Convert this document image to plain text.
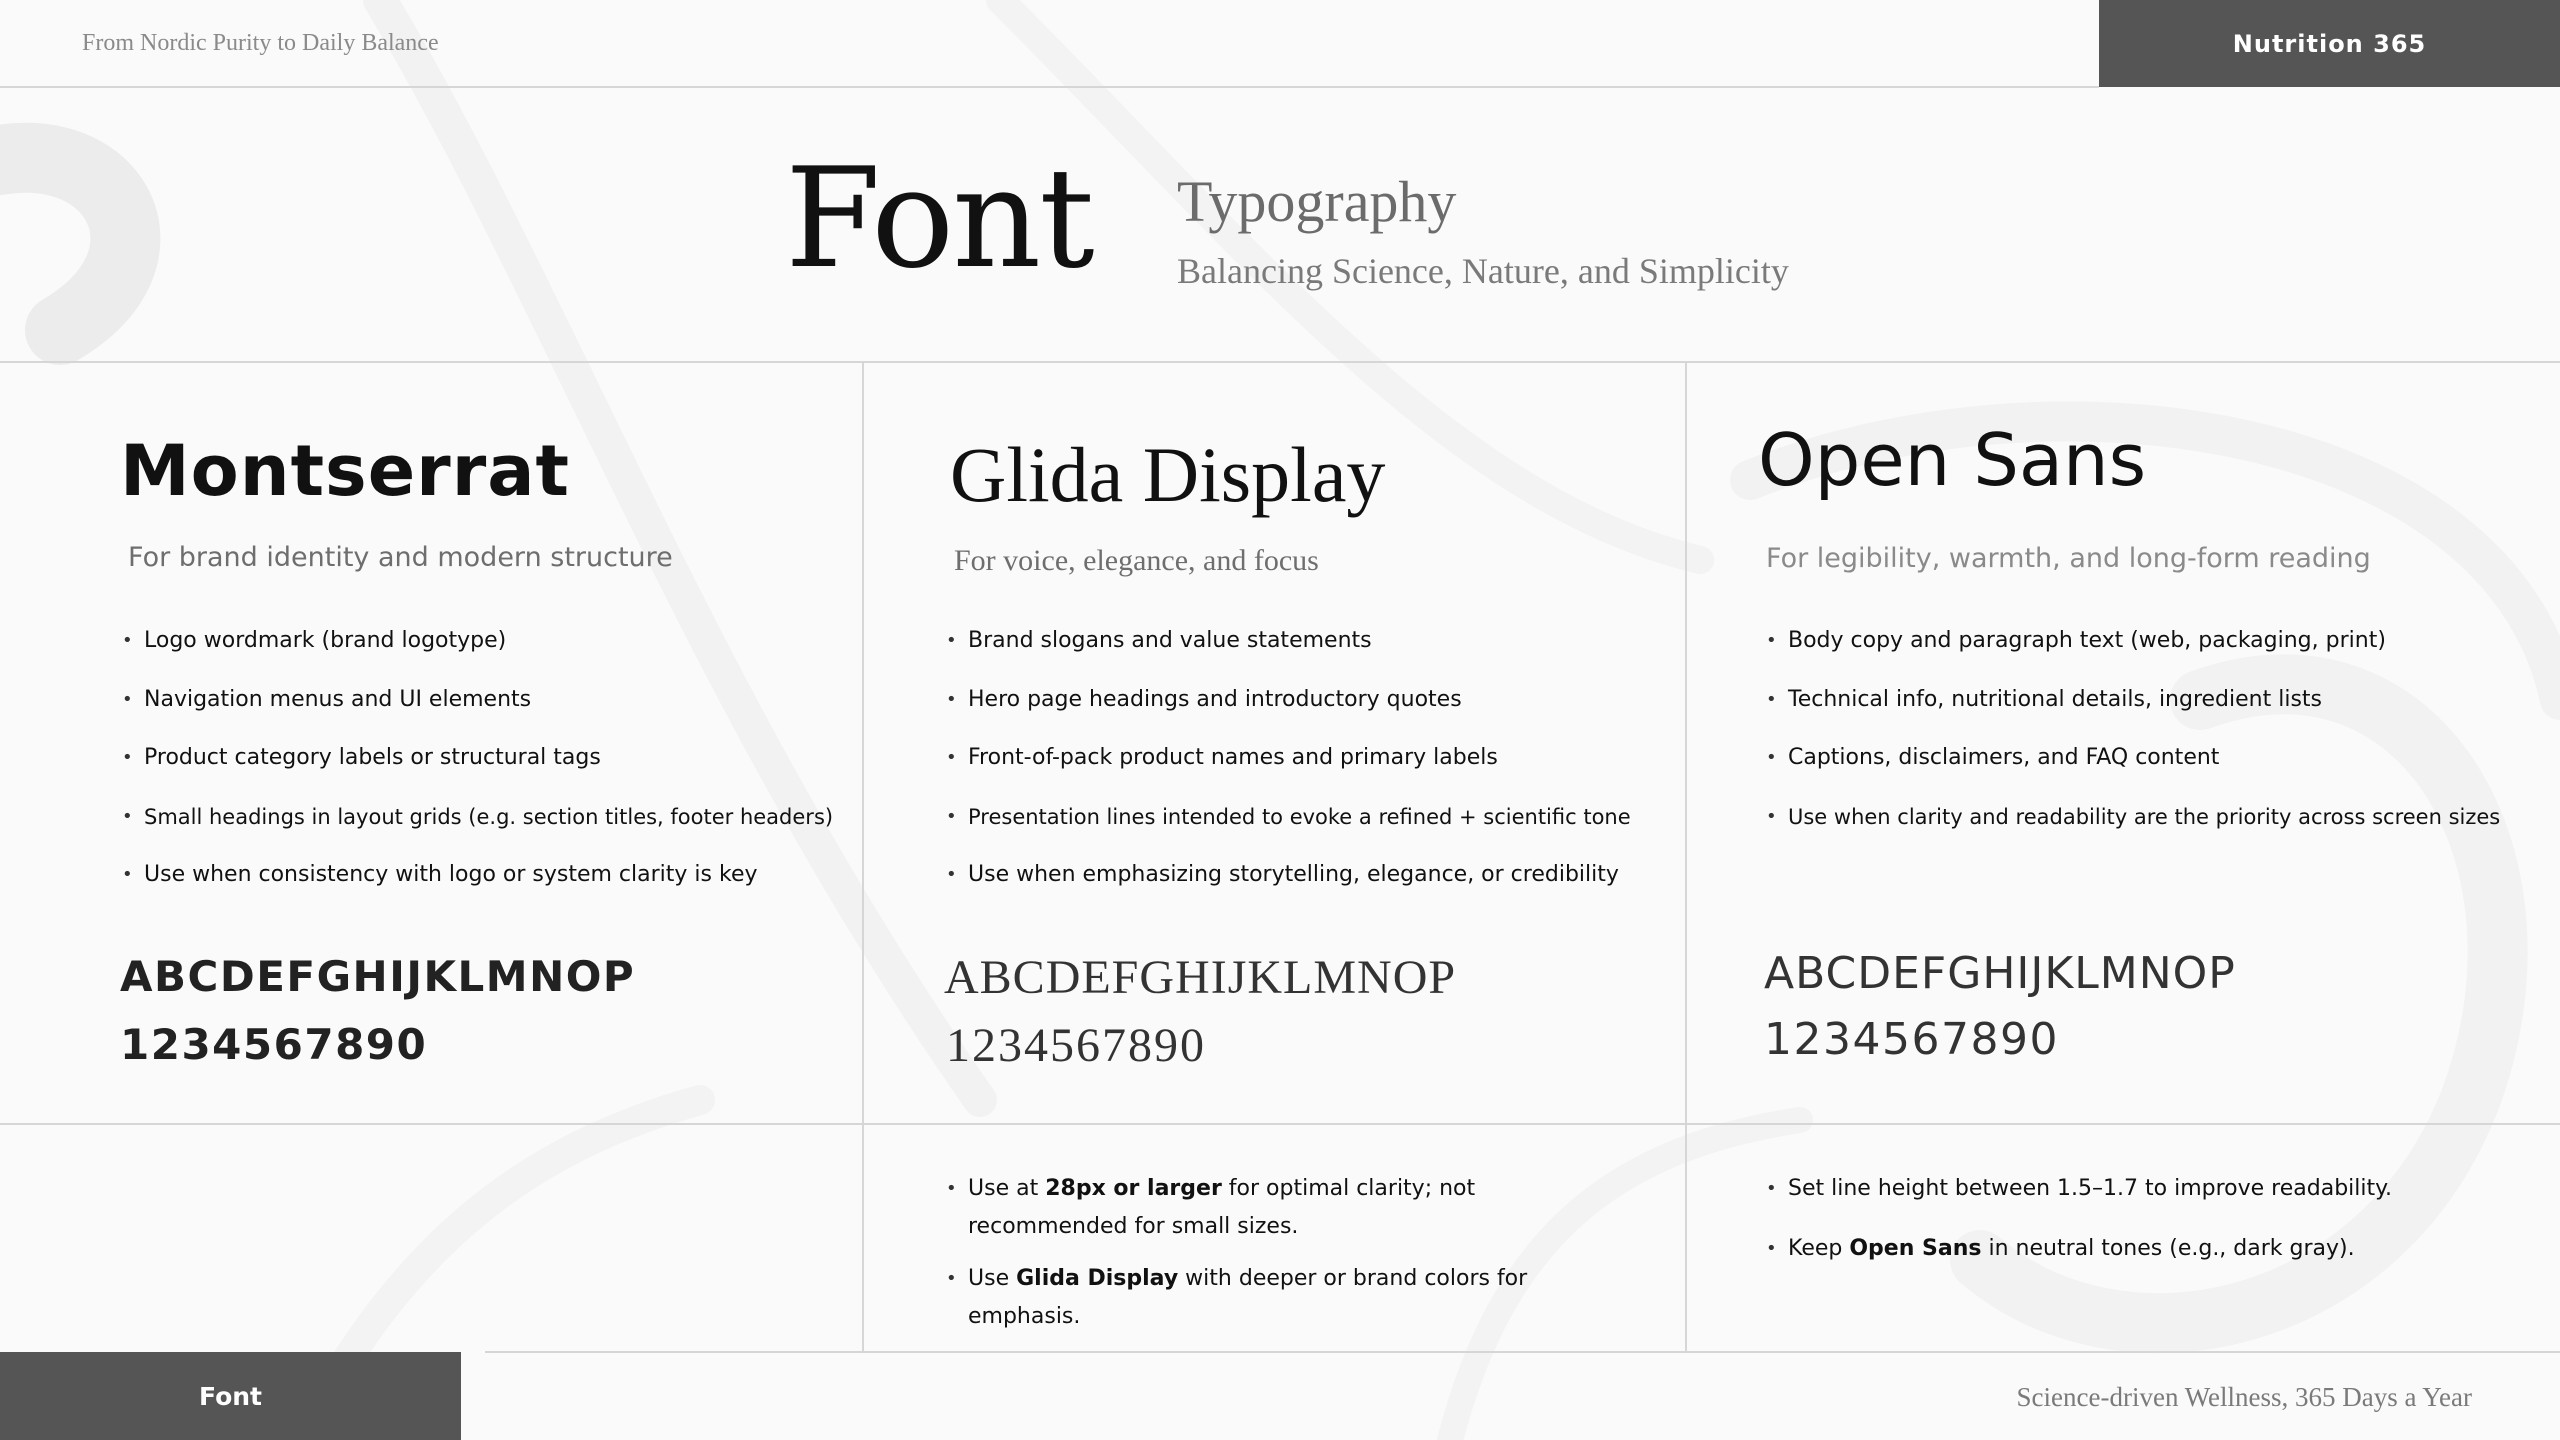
From Nordic Purity to Daily Balance	Nutrition 365
Font Typography
Balancing Science, Nature, and Simplicity
Montserrat
For brand identity and modern structure
• Logo wordmark (brand logotype)
• Navigation menus and UI elements
• Product category labels or structural tags
• Small headings in layout grids (e.g. section titles, footer headers)
• Use when consistency with logo or system clarity is key
ABCDEFGHIJKLMNOP
1234567890
Glida Display
For voice, elegance, and focus
• Brand slogans and value statements
• Hero page headings and introductory quotes
• Front-of-pack product names and primary labels
• Presentation lines intended to evoke a refined + scientific tone
• Use when emphasizing storytelling, elegance, or credibility
ABCDEFGHIJKLMNOP
1234567890
• Use at 28px or larger for optimal clarity; not recommended for small sizes.
• Use Glida Display with deeper or brand colors for emphasis.
Open Sans
For legibility, warmth, and long-form reading
• Body copy and paragraph text (web, packaging, print)
• Technical info, nutritional details, ingredient lists
• Captions, disclaimers, and FAQ content
• Use when clarity and readability are the priority across screen sizes
ABCDEFGHIJKLMNOP
1234567890
• Set line height between 1.5–1.7 to improve readability.
• Keep Open Sans in neutral tones (e.g., dark gray).
Font	Science-driven Wellness, 365 Days a Year
